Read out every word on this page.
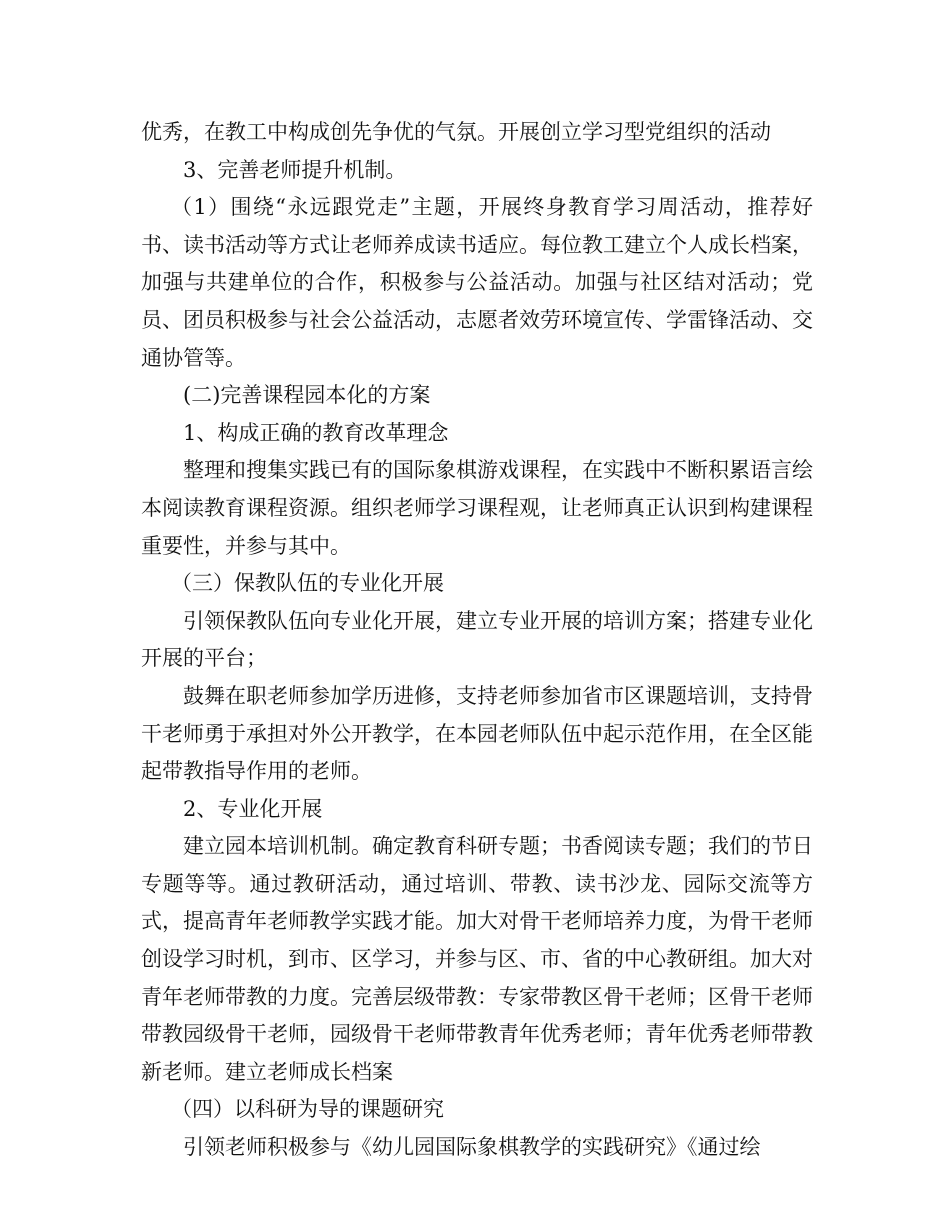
优秀，在教工中构成创先争优的气氛。开展创立学习型党组织的活动

3、完善老师提升机制。

（1）围绕“永远跟党走”主题，开展终身教育学习周活动，推荐好书、读书活动等方式让老师养成读书适应。每位教工建立个人成长档案，加强与共建单位的合作，积极参与公益活动。加强与社区结对活动；党员、团员积极参与社会公益活动，志愿者效劳环境宣传、学雷锋活动、交通协管等。

(二)完善课程园本化的方案

1、构成正确的教育改革理念

整理和搜集实践已有的国际象棋游戏课程，在实践中不断积累语言绘本阅读教育课程资源。组织老师学习课程观，让老师真正认识到构建课程重要性，并参与其中。

（三）保教队伍的专业化开展

引领保教队伍向专业化开展，建立专业开展的培训方案；搭建专业化开展的平台；

鼓舞在职老师参加学历进修，支持老师参加省市区课题培训，支持骨干老师勇于承担对外公开教学，在本园老师队伍中起示范作用，在全区能起带教指导作用的老师。

2、专业化开展

建立园本培训机制。确定教育科研专题；书香阅读专题；我们的节日专题等等。通过教研活动，通过培训、带教、读书沙龙、园际交流等方式，提高青年老师教学实践才能。加大对骨干老师培养力度，为骨干老师创设学习时机，到市、区学习，并参与区、市、省的中心教研组。加大对青年老师带教的力度。完善层级带教：专家带教区骨干老师；区骨干老师带教园级骨干老师，园级骨干老师带教青年优秀老师；青年优秀老师带教新老师。建立老师成长档案

（四）以科研为导的课题研究

引领老师积极参与《幼儿园国际象棋教学的实践研究》《通过绘
